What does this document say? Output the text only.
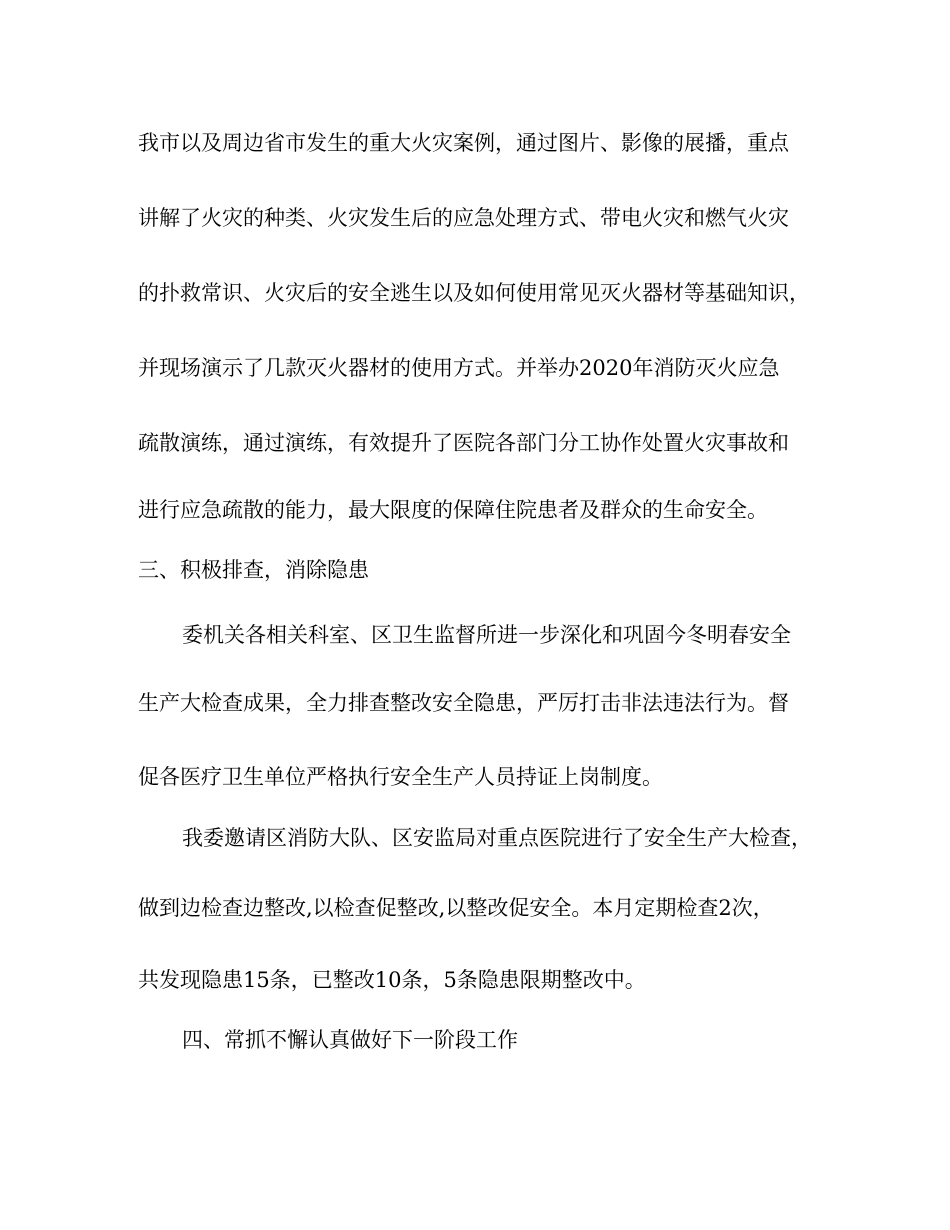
我市以及周边省市发生的重大火灾案例，通过图片、影像的展播，重点

讲解了火灾的种类、火灾发生后的应急处理方式、带电火灾和燃气火灾

的扑救常识、火灾后的安全逃生以及如何使用常见灭火器材等基础知识，

并现场演示了几款灭火器材的使用方式。并举办2020年消防灭火应急

疏散演练，通过演练，有效提升了医院各部门分工协作处置火灾事故和

进行应急疏散的能力，最大限度的保障住院患者及群众的生命安全。

三、积极排查，消除隐患

委机关各相关科室、区卫生监督所进一步深化和巩固今冬明春安全

生产大检查成果，全力排查整改安全隐患，严厉打击非法违法行为。督

促各医疗卫生单位严格执行安全生产人员持证上岗制度。

我委邀请区消防大队、区安监局对重点医院进行了安全生产大检查，

做到边检查边整改,以检查促整改,以整改促安全。本月定期检查2次，

共发现隐患15条，已整改10条，5条隐患限期整改中。

四、常抓不懈认真做好下一阶段工作
